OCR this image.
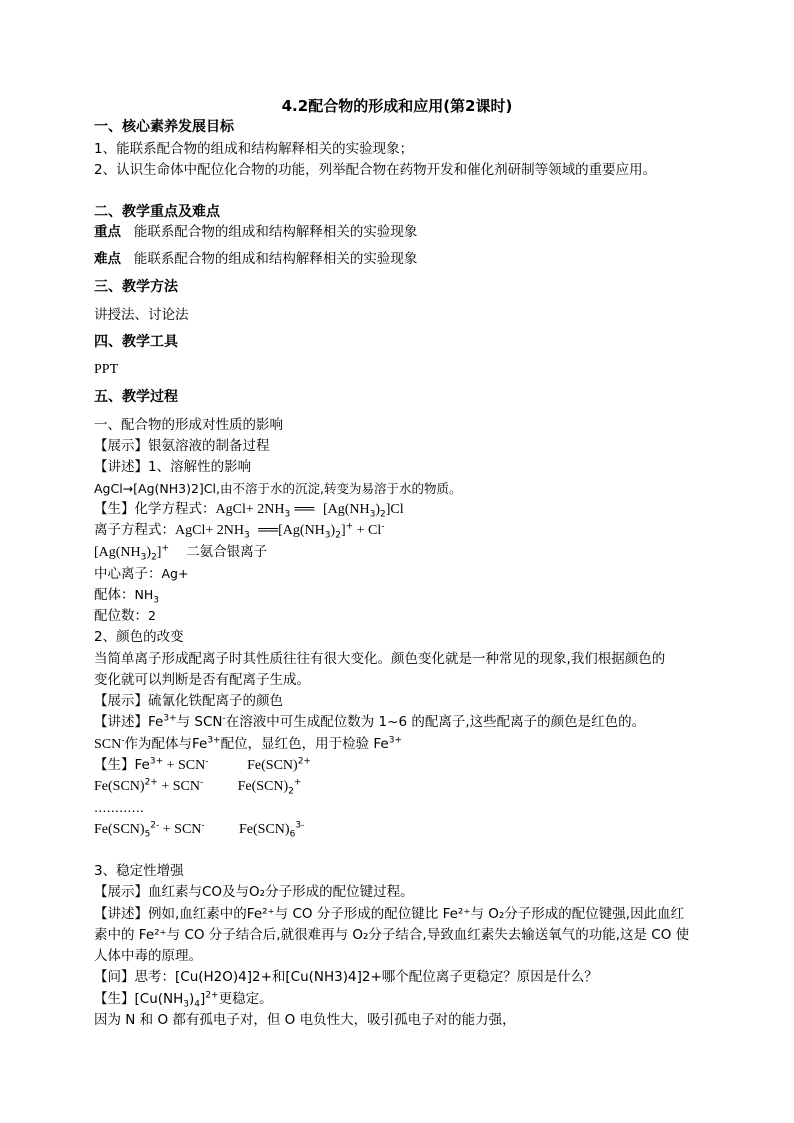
4.2配合物的形成和应用(第2课时)
一、核心素养发展目标
1、能联系配合物的组成和结构解释相关的实验现象；
2、认识生命体中配位化合物的功能，列举配合物在药物开发和催化剂研制等领域的重要应用。
二、教学重点及难点
重点 能联系配合物的组成和结构解释相关的实验现象
难点 能联系配合物的组成和结构解释相关的实验现象
三、教学方法
讲授法、讨论法
四、教学工具
PPT
五、教学过程
一、配合物的形成对性质的影响
【展示】银氨溶液的制备过程
【讲述】1、溶解性的影响
AgCl→[Ag(NH3)2]Cl,由不溶于水的沉淀,转变为易溶于水的物质。
【生】化学方程式：AgCl+ $2NH_3$ ══ $[Ag(NH_3)_2]Cl$
离子方程式：AgCl+ $2NH_3$ $══[Ag(NH_3)_2]^+ + Cl^-$
$[Ag(NH_3)_2]^+$ 二氨合银离子
中心离子：Ag+
配体：$NH_3$
配位数：2
2、颜色的改变
当简单离子形成配离子时其性质往往有很大变化。颜色变化就是一种常见的现象,我们根据颜色的
变化就可以判断是否有配离子生成。
【展示】硫氰化铁配离子的颜色
【讲述】$Fe^{3+}$与 SCN-在溶液中可生成配位数为 1~6 的配离子,这些配离子的颜色是红色的。
SCN-作为配体与$Fe^{3+}$配位，显红色，用于检验 $Fe^{3+}$
【生】$Fe^{3+} + SCN^-$	Fe(SCN)$^{2+}$
Fe(SCN)$^{2+}$ + SCN- $Fe(SCN)_2^+$
…………
$Fe(SCN)_5^{2-} + SCN^-$ $Fe(SCN)_6^{3-}$
3、稳定性增强
【展示】血红素与CO及与O₂分子形成的配位键过程。
【讲述】例如,血红素中的Fe²⁺与 CO 分子形成的配位键比 Fe²⁺与 O₂分子形成的配位键强,因此血红
素中的 Fe²⁺与 CO 分子结合后,就很难再与 O₂分子结合,导致血红素失去输送氧气的功能,这是 CO 使
人体中毒的原理。
【问】思考：[Cu(H2O)4]2+和[Cu(NH3)4]2+哪个配位离子更稳定？原因是什么？
【生】$[Cu(NH_3)_4]^{2+}$更稳定。
因为 N 和 O 都有孤电子对，但 O 电负性大，吸引孤电子对的能力强，
